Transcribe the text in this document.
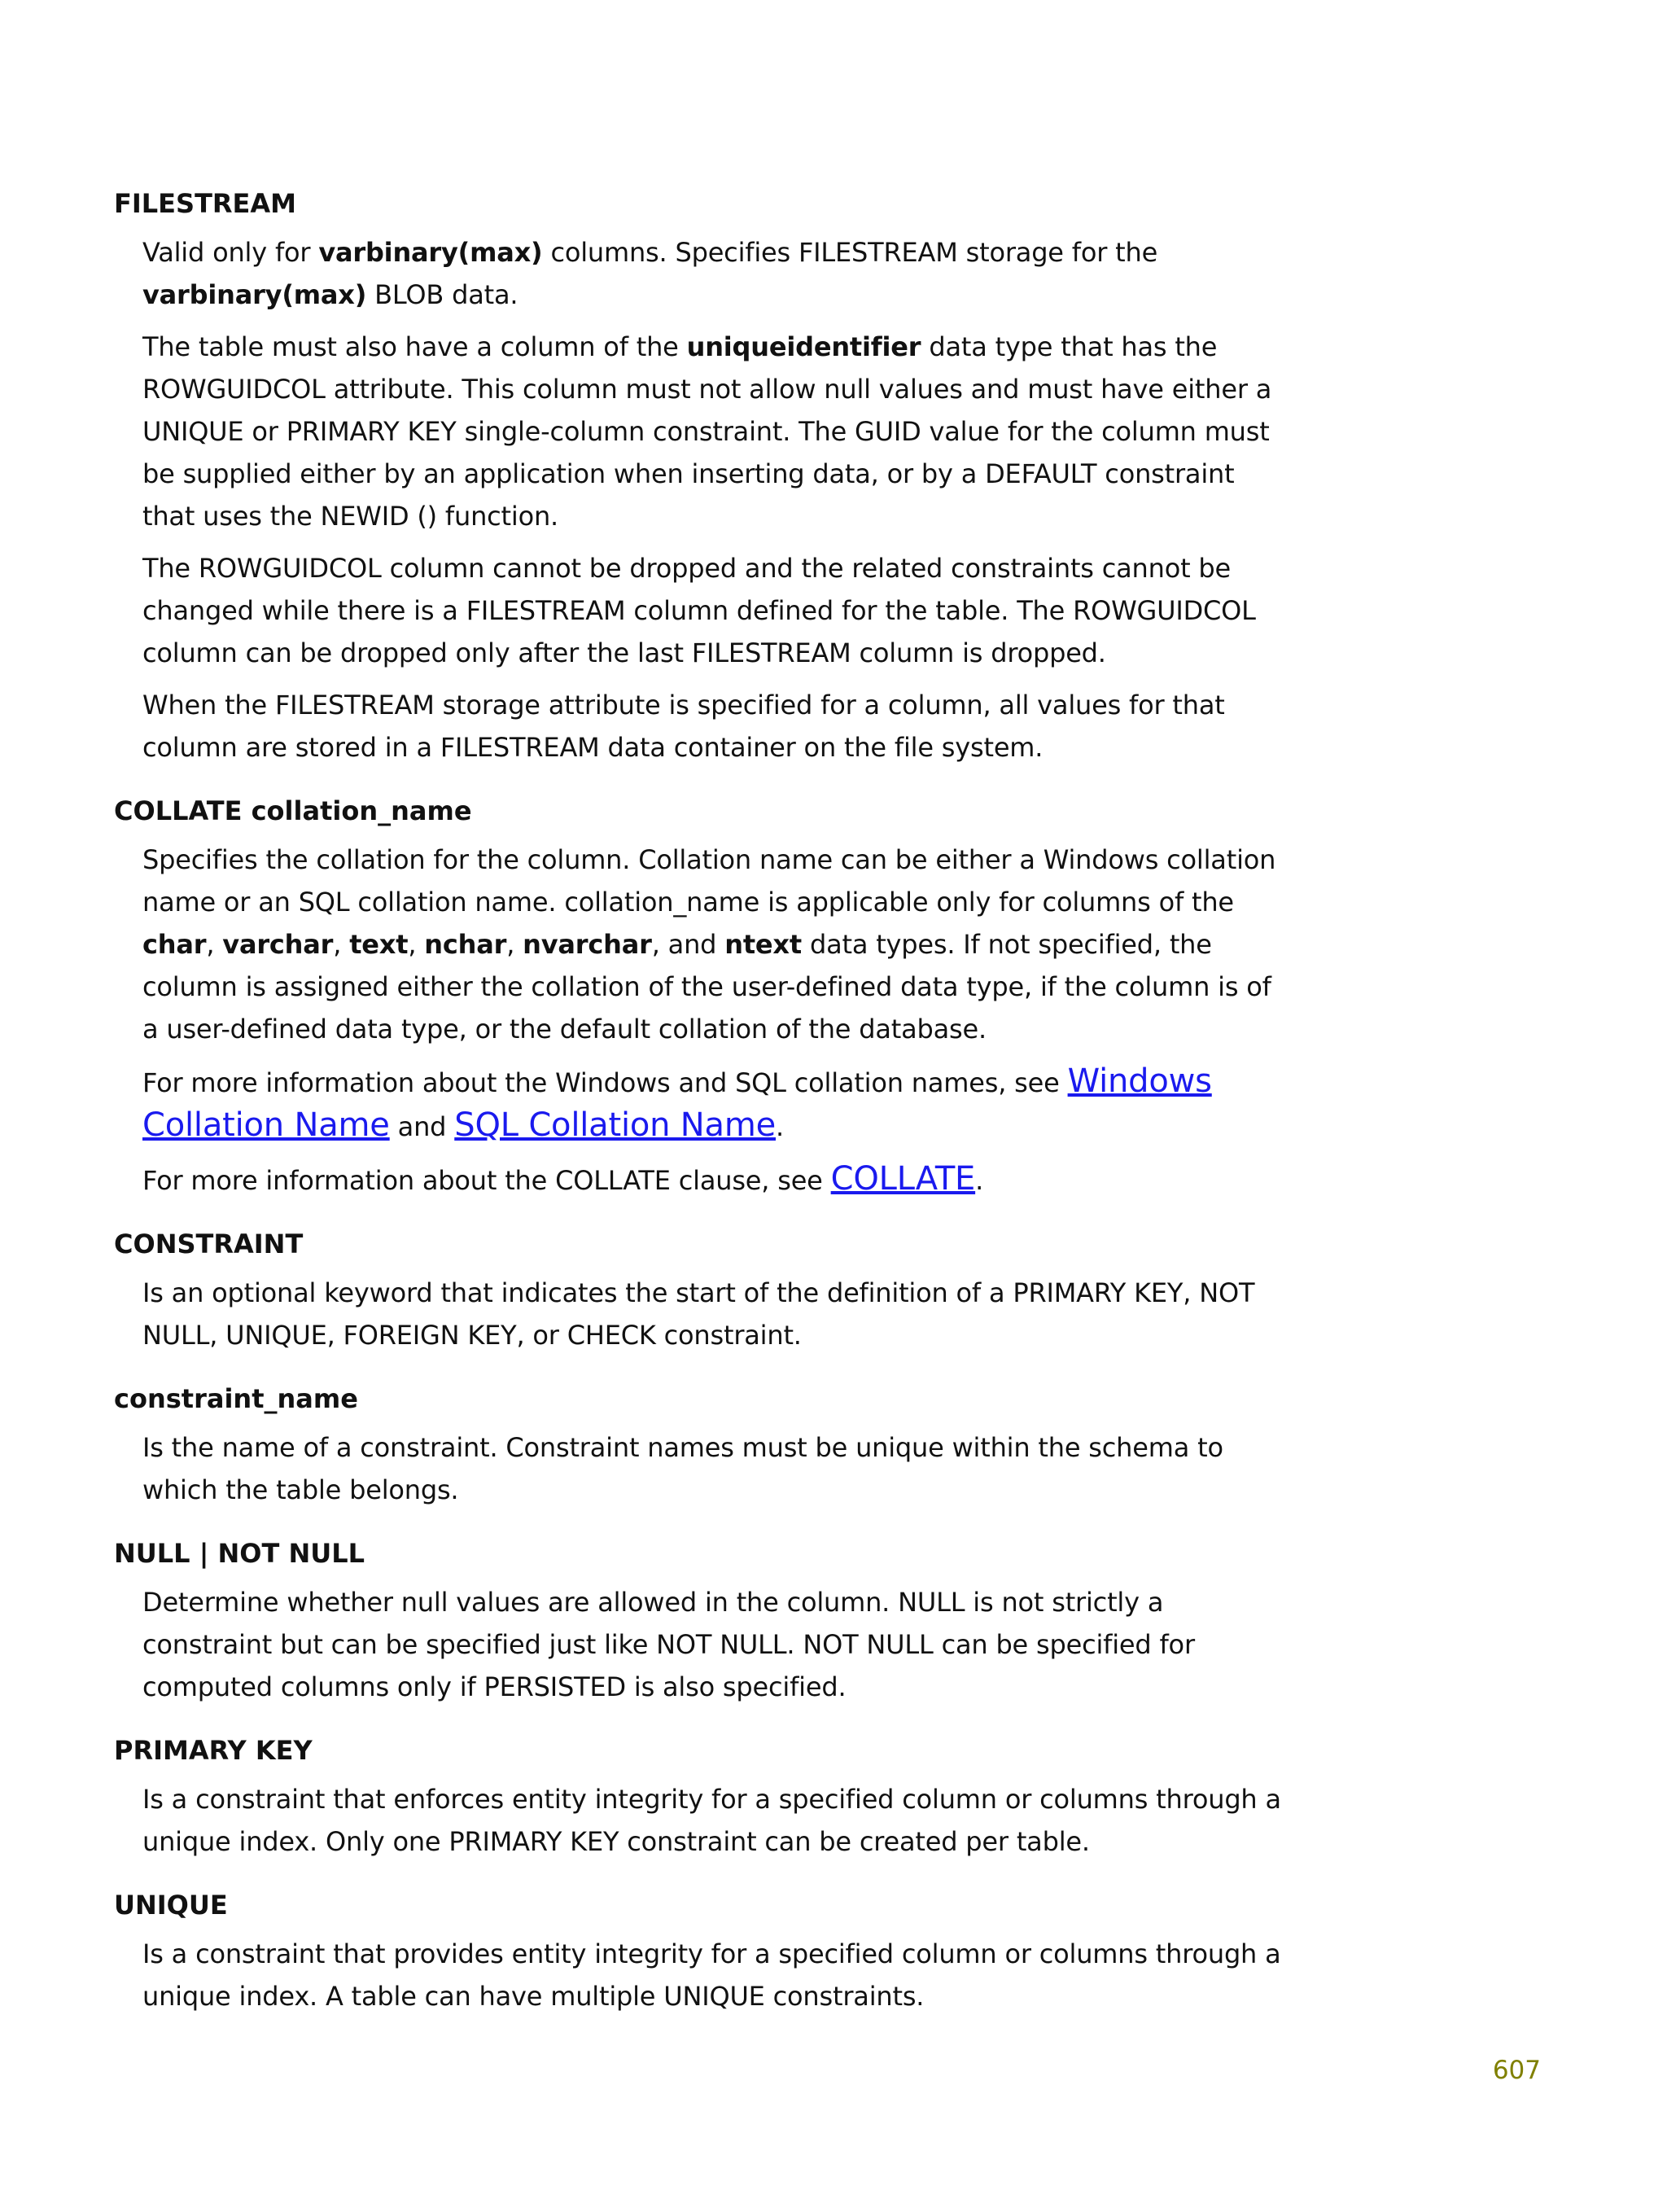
FILESTREAM

Valid only for varbinary(max) columns. Specifies FILESTREAM storage for the varbinary(max) BLOB data.

The table must also have a column of the uniqueidentifier data type that has the ROWGUIDCOL attribute. This column must not allow null values and must have either a UNIQUE or PRIMARY KEY single-column constraint. The GUID value for the column must be supplied either by an application when inserting data, or by a DEFAULT constraint that uses the NEWID () function.

The ROWGUIDCOL column cannot be dropped and the related constraints cannot be changed while there is a FILESTREAM column defined for the table. The ROWGUIDCOL column can be dropped only after the last FILESTREAM column is dropped.

When the FILESTREAM storage attribute is specified for a column, all values for that column are stored in a FILESTREAM data container on the file system.

COLLATE collation_name

Specifies the collation for the column. Collation name can be either a Windows collation name or an SQL collation name. collation_name is applicable only for columns of the char, varchar, text, nchar, nvarchar, and ntext data types. If not specified, the column is assigned either the collation of the user-defined data type, if the column is of a user-defined data type, or the default collation of the database.

For more information about the Windows and SQL collation names, see Windows Collation Name and SQL Collation Name.

For more information about the COLLATE clause, see COLLATE.

CONSTRAINT

Is an optional keyword that indicates the start of the definition of a PRIMARY KEY, NOT NULL, UNIQUE, FOREIGN KEY, or CHECK constraint.

constraint_name

Is the name of a constraint. Constraint names must be unique within the schema to which the table belongs.

NULL | NOT NULL

Determine whether null values are allowed in the column. NULL is not strictly a constraint but can be specified just like NOT NULL. NOT NULL can be specified for computed columns only if PERSISTED is also specified.

PRIMARY KEY

Is a constraint that enforces entity integrity for a specified column or columns through a unique index. Only one PRIMARY KEY constraint can be created per table.

UNIQUE

Is a constraint that provides entity integrity for a specified column or columns through a unique index. A table can have multiple UNIQUE constraints.

607
